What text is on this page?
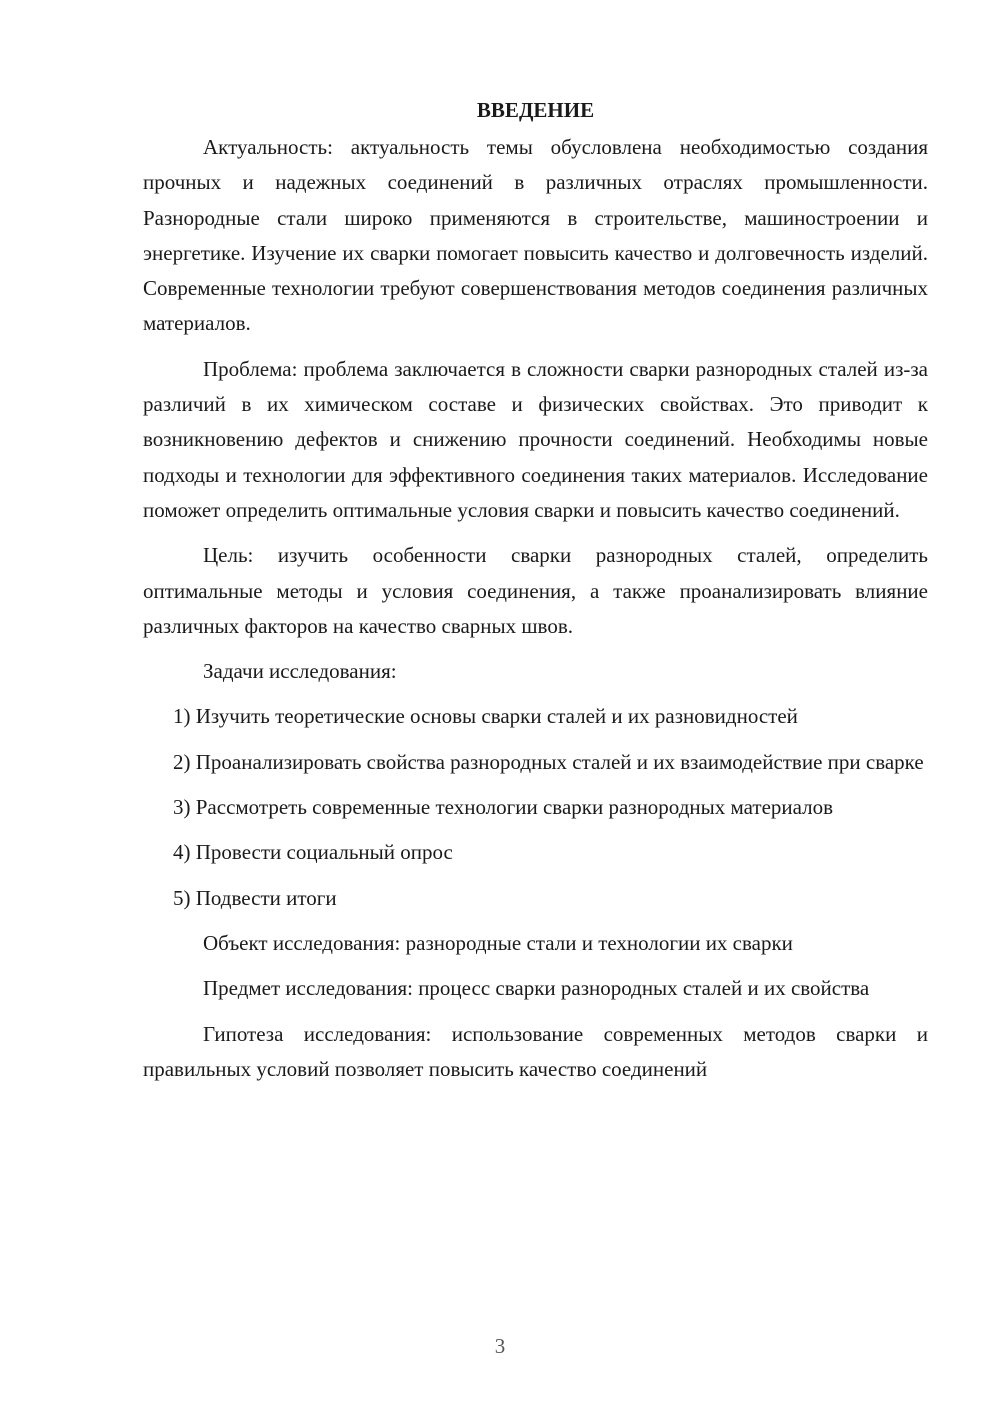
ВВЕДЕНИЕ

Актуальность: актуальность темы обусловлена необходимостью создания прочных и надежных соединений в различных отраслях промышленности. Разнородные стали широко применяются в строительстве, машиностроении и энергетике. Изучение их сварки помогает повысить качество и долговечность изделий. Современные технологии требуют совершенствования методов соединения различных материалов.

Проблема: проблема заключается в сложности сварки разнородных сталей из-за различий в их химическом составе и физических свойствах. Это приводит к возникновению дефектов и снижению прочности соединений. Необходимы новые подходы и технологии для эффективного соединения таких материалов. Исследование поможет определить оптимальные условия сварки и повысить качество соединений.

Цель: изучить особенности сварки разнородных сталей, определить оптимальные методы и условия соединения, а также проанализировать влияние различных факторов на качество сварных швов.

Задачи исследования:

1) Изучить теоретические основы сварки сталей и их разновидностей

2) Проанализировать свойства разнородных сталей и их взаимодействие при сварке

3) Рассмотреть современные технологии сварки разнородных материалов

4) Провести социальный опрос

5) Подвести итоги

Объект исследования: разнородные стали и технологии их сварки

Предмет исследования: процесс сварки разнородных сталей и их свойства

Гипотеза исследования: использование современных методов сварки и правильных условий позволяет повысить качество соединений

3
